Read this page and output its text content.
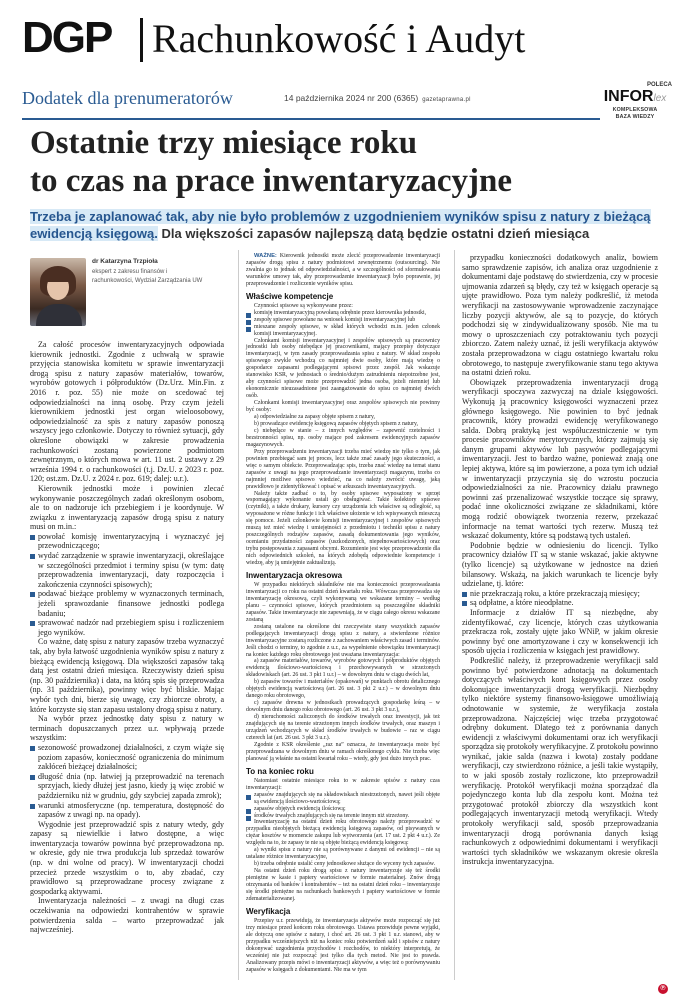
DGP Rachunkowość i Audyt
Dodatek dla prenumeratorów	14 października 2024 nr 200 (6365) gazetaprawna.pl
POLECA
INFORlex
KOMPLEKSOWA
BAZA WIEDZY
Ostatnie trzy miesiące roku
to czas na prace inwentaryzacyjne
Trzeba je zaplanować tak, aby nie było problemów z uzgodnieniem wyników spisu z natury z bieżącą ewidencją księgową. Dla większości zapasów najlepszą datą będzie ostatni dzień miesiąca
dr Katarzyna Trzpioła
ekspert z zakresu finansów i rachunkowości, Wydział Zarządzania UW

Za całość procesów inwentaryzacyjnych odpowiada kierownik jednostki. Zgodnie z uchwałą w sprawie przyjęcia stanowiska komitetu w sprawie inwentaryzacji drogą spisu z natury zapasów materiałów, towarów, wyrobów gotowych i półproduktów (Dz.Urz. Min.Fin. z 2016 r. poz. 55) nie może on scedować tej odpowiedzialności na inną osobę. Przy czym jeżeli kierownikiem jednostki jest organ wieloosobowy, odpowiedzialność za spis z natury zapasów ponoszą wszyscy jego członkowie. Dotyczy to również sytuacji, gdy określone obowiązki w zakresie prowadzenia rachunkowości zostaną powierzone podmiotom zewnętrznym, o których mowa w art. 11 ust. 2 ustawy z 29 września 1994 r. o rachunkowości (t.j. Dz.U. z 2023 r. poz. 120; ost.zm. Dz.U. z 2024 r. poz. 619; dalej: u.r.).

Kierownik jednostki może i powinien zlecać wykonywanie poszczególnych zadań określonym osobom, ale to on nadzoruje ich przebiegiem i je koordynuje. W związku z inwentaryzacją zapasów drogą spisu z natury musi on m.in.:

powołać komisję inwentaryzacyjną i wyznaczyć jej przewodniczącego;

wydać zarządzenie w sprawie inwentaryzacji, określające w szczególności przedmiot i terminy spisu (w tym: datę przeprowadzenia inwentaryzacji, daty rozpoczęcia i zakończenia czynności spisowych);

podawać bieżące problemy w wyznaczonych terminach, jeżeli sprawozdanie finansowe jednostki podlega badaniu;

sprawować nadzór nad przebiegiem spisu i rozliczeniem jego wyników.

Co ważne, datę spisu z natury zapasów trzeba wyznaczyć tak, aby była łatwość uzgodnienia wyników spisu z natury z bieżącą ewidencją księgową. Dla większości zapasów taką datą jest ostatni dzień miesiąca. Rzeczywisty dzień spisu (np. 30 października) i data, na którą spis się przeprowadza (np. 31 października), powinny więc być bliskie. Mając wybór tych dni, bierze się uwagę, czy zbiorcze obroty, a które korzyste się stan zapasu ustalony drogą spisu z natury.

Na wybór przez jednostkę daty spisu z natury w terminach dopuszczanych przez u.r. wpływają przede wszystkim:

sezonowość prowadzonej działalności, z czym wiąże się poziom zapasów, konieczność ograniczenia do minimum zakłóceń bieżącej działalności;

długość dnia (np. łatwiej ją przeprowadzić na terenach sprzyjach, kiedy dłużej jest jasno, kiedy ją więc zrobić w październiku niż w grudniu, gdy szybciej zapada zmrok);

warunki atmosferyczne (np. temperatura, dostępność do zapasów z uwagi np. na opady).

Wygodnie jest przeprowadzić spis z natury wtedy, gdy zapasy są niewielkie i łatwo dostępne, a więc inwentaryzacja towarów powinna być przeprowadzona np. w okresie, gdy nie trwa produkcja lub sprzedaż towarów (np. w dni wolne od pracy). W inwentaryzacji chodzi przecież przede wszystkim o to, aby zbadać, czy prawidłowo są przeprowadzane procesy związane z gospodarką aktywami.

Inwentaryzacja należności – z uwagi na długi czas oczekiwania na odpowiedzi kontrahentów w sprawie potwierdzenia salda – warto przeprowadzać jak najwcześniej.

WAŻNE: Kierownik jednostki może zlecić przeprowadzenie inwentaryzacji zapasów drogą spisu z natury podmiotowi zewnętrznemu (outsourcing). Nie zwalnia go to jednak od odpowiedzialności, a w szczególności od sformułowania warunków umowy tak, aby przeprowadzenie inwentaryzacji było poprawnie, jej przeprowadzenie i rozliczenie wyników spisu.

Właściwe kompetencje

Czynności spisowe są wykonywane przez:

komisję inwentaryzacyjną powołaną odrębnie przez kierownika jednostki,

zespoły spisowe powołane na wniosek komisji inwentaryzacyjnej lub

mieszane zespoły spisowe, w skład których wchodzi m.in. jeden członek komisji inwentaryzacyjnej.

Członkami komisji inwentaryzacyjnej i zespołów spisowych są pracownicy jednostki lub osoby niebędące jej pracownikami, mający przepisy dotyczące inwentaryzacji, w tym zasady przeprowadzania spisu z natury. W skład zespołu spisowego zwykle wchodzą co najmniej dwie osoby, które mają wiedzę o gospodarce zapasami podlegającymi spisowi przez zespół. Jak wskazuje stanowisko KSR, w jednostach o średnio/dużym zatrudnieniu niepotrzebne jest, aby czynności spisowe może przeprowadzić jedna osoba, jeżeli niemniej lub ekonomicznie nieuzasadnione jest zaangażowanie do spisu co najmniej dwóch osób.

Członkami komisji inwentaryzacyjnej oraz zespołów spisowych nie powinny być osoby:

a) odpowiedzialne za zapasy objęte spisem z natury,

b) prowadzące ewidencję księgową zapasów objętych spisem z natury,

c) niebędące w stanie – z innych względów – zapewnić rzetelności i bezstronności spisu, np. osoby mające pod zakresem ewidencyjnych zapasów magazynowych.

Przy przeprowadzeniu inwentaryzacji trzeba mieć wiedzę nie tylko o tym, jak powinien przebiegać sam jej proces, lecz także znać zasady jego skuteczności, a więc o samym obiekcie. Przeprowadzając spis, trzeba znać wiedzę na temat stanu zapasów z uwagi na jego przeprowadzanie inwentaryzacji magazynu, trzeba co najmniej możliwe spisowo wiedzieć, na co należy zwrócić uwagę, jaką prawidłowo je zidentyfikować i opisać w arkuszach inwentaryzacyjnych.

Należy także zadbać o to, by osoby spisowe wyposażony w sprzęt wspomagający wykonanie ustali go obsługiwać. Takie kolektory spisowe (czytniki), a także drukary, kursory czy urządzenia ich właściwe są odległość, są wyposażone w różne funkcje i ich właściwe ułożenie w ich wpisywanych mieszczą się pomoce. Jeżeli członkowie komisji inwentaryzacyjnej i zespołów spisowych muszą też mieć wiedzę i umiejętności z przedmiotu i techniki spisu z natury poszczególnych rodzajów zapasów, zasadą dokumentowania jego wyników, ocenianiu przydatności zapasów (uszkodzonych, niepełnowartościowych) oraz trybu postępowania z zapasami obcymi. Rozumienie jest więc przeprowadzenie dla nich odpowiednich szkoleń, na których zdobędą odpowiednie kompetencje i wiedzę, aby ją umiejętnie zaktualizują.

Inwentaryzacja okresowa

W przypadku niektórych składników nie ma konieczności przeprowadzania inwentaryzacji co roku na ostatni dzień kwartału roku. Wówczas przeprowadza się inwentaryzację okresową, czyli wykonywaną we wskazane terminy – według planu – czynności spisowe, których przedmiotem są poszczególne składniki zapasów. Takie inwentaryzacje nie zapewniają, że w ciągu całego okresu wskazane zostaną

zostaną ustalone na określone dni rzeczywiste stany wszystkich zapasów podlegających inwentaryzacji drogą spisu z natury, a stwierdzone różnice inwentaryzacyjne zostaną rozliczone z zachowaniem właściwych zasad i terminów. Jeśli chodzi o terminy, to zgodnie z u.r., za wypełnienie obowiązku inwentaryzacji na koniec każdego roku obrotowego jest uważana inwentaryzacja:

a) zapasów materiałów, towarów, wyrobów gotowych i półproduktów objętych ewidencją ilościowo-wartościową i przechowywanych w strzeżonych składowiskach (art. 26 ust. 3 pkt 1 u.r.) – w dowolnym dniu w ciągu dwóch lat,

b) zapasów towarów i materiałów (opakowań) w punktach obrotu detalicznego objętych ewidencją wartościową (art. 26 ust. 3 pkt 2 u.r.) – w dowolnym dniu danego roku obrotowego,

c) zapasów drewna w jednostkach prowadzących gospodarkę leśną – w dowolnym dniu danego roku obrotowego (art. 26 ust. 3 pkt 3 u.r.),

d) nieruchomości zaliczonych do środków trwałych oraz inwestycji, jak też znajdujących się na terenie strzeżonym innych środków trwałych, oraz maszyn i urządzeń wchodzących w skład środków trwałych w budowie – raz w ciągu czterech lat (art. 26 ust. 3 pkt 3 u.r.).

Zgodnie z KSR określenie „raz na” oznacza, że inwentaryzacja może być przeprowadzana w dowolnym dniu w ramach określonego cyklu. Nie trzeba więc planować ją właśnie na ostatni kwartał roku – wtedy, gdy jest dużo innych prac.

To na koniec roku

Natomiast ostatnie miesiące roku to w zakresie spisów z natury czas inwentaryzacji:

zapasów znajdujących się na składowiskach niestrzeżonych, nawet jeśli objęte są ewidencją ilościowo-wartościową;

zapasów objętych ewidencją ilościową;

środków trwałych znajdujących się na terenie innym niż strzeżony.

Inwentaryzację na ostatni dzień roku obrotowego należy przeprowadzić w przypadku nieobjętych bieżącą ewidencją księgową zapasów, od pisywanych w ciężar kosztów w momencie zakupu lub wytworzenia (art. 17 ust. 2 pkt 4 u.r.). Ze względu na to, że zapasy te nie są objęte bieżącą ewidencją księgową:

a) wyniki spisu z natury nie są porównywane z danymi od ewidencji – nie są ustalane różnice inwentaryzacyjne,

b) trzeba odrębnie ustalić ceny jednostkowe służące do wyceny tych zapasów.

Na ostatni dzień roku drogą spisu z natury inwentaryzuje się też środki pieniężne w kasie i papiery wartościowe w formie materialnej. Znów drogą otrzymania od banków i kontrahentów – też na ostatni dzień roku – inwentaryzuje się środki pieniężne na rachunkach bankowych i papiery wartościowe w formie zdematerializowanej.

Weryfikacja

Przepisy u.r. przewidują, że inwentaryzacja aktywów może rozpocząć się już trzy miesiące przed końcem roku obrotowego. Ustawa przewiduje pewne wyjątki, ale dotyczą one spisów z natury, i choć art. 26 ust. 3 pkt 1 u.r. stanowi, aby w przypadku wcześniejszych niż na koniec roku potwierdzeń sald i spisów z natury dokonywać uzgodnienia przychodów i rozchodów, to niektóry interpretują, że wcześniej nie już rozpocząć jest tylko dla tych metod. Nie jest to prawda. Analizowany przepis mówi o inwentaryzacji aktywów, a więc też o porównywaniu zapasów w księgach z dokumentami. Nie ma w tym

przypadku konieczności dodatkowych analiz, bowiem samo sprawdzenie zapisów, ich analiza oraz uzgodnienie z dokumentami daje podstawę do stwierdzenia, czy w procesie ujmowania zdarzeń są błędy, czy też w księgach operacje są ujęte prawidłowo. Poza tym należy podkreślić, iż metoda weryfikacji na zastosowywanie wprowadzenie zaczynające liczby pozycji aktywów, ale są to pozycje, do których podchodzi się w zindywidualizowany sposób. Nie ma tu mowy o uproszczeniach czy potraktowaniu tych pozycji zbiorczo. Zatem należy uznać, iż jeśli weryfikacja aktywów została przeprowadzona w ciągu ostatniego kwartału roku obrotowego, to następuje zweryfikowanie stanu tego aktywa na ostatni dzień roku.

Obowiązek przeprowadzenia inwentaryzacji drogą weryfikacji spoczywa zazwyczaj na dziale księgowości. Wykonują ją pracownicy księgowości wyznaczeni przez głównego księgowego. Nie powinien to być jednak pracownik, który prowadzi ewidencję weryfikowanego salda. Dobrą praktyką jest współuczestniczenie w tym procesie pracowników merytorycznych, którzy zajmują się danym grupami aktywów lub pasywów podlegającymi inwentaryzacji. Jest to bardzo ważne, ponieważ znają one lepiej aktywa, które są im powierzone, a poza tym ich udział w inwentaryzacji przyczynia się do wzrostu poczucia odpowiedzialności za nie. Pracownicy działu prawnego powinni zaś przenalizować wszystkie toczące się sprawy, podać inne okoliczności związane ze składnikami, które mogą rodzić obowiązek tworzenia rezerw, przekazać informacje na temat wartości tych rezerw. Muszą też wskazać dokumenty, które są podstawą tych ustaleń.

Podobnie będzie w odniesieniu do licencji. Tylko pracownicy działów IT są w stanie wskazać, jakie aktywne (tylko licencje) są użytkowane w jednostce na dzień bilansowy. Wskażą, na jakich warunkach te licencje były udzielane, tj. które:

nie przekraczają roku, a które przekraczają miesięcy;

są odpłatne, a które nieodpłatne.

Informacje z działów IT są niezbędne, aby zidentyfikować, czy licencje, których czas użytkowania przekracza rok, zostały ujęte jako WNiP, w jakim okresie powinny być one amortyzowane i czy w konsekwencji ich sposób ujęcia i rozliczenia w księgach jest prawidłowy.

Podkreślić należy, iż przeprowadzenie weryfikacji sald powinno być potwierdzone adnotacją na dokumentach dotyczących właściwych kont księgowych przez osoby dokonujące inwentaryzacji drogą weryfikacji. Niezbędny tylko niektóre systemy finansowo-księgowe umożliwiają odnotowanie w systemie, że weryfikacja została przeprowadzona. Najczęściej więc trzeba przygotować odrębny dokument. Dlatego też z porównania danych ewidencji z właściwymi dokumentami oraz ich weryfikacji sporządza się protokoły weryfikacyjne. Z protokołu powinno wynikać, jakie salda (nazwa i kwota) zostały poddane weryfikacji, czy stwierdzono różnice, a jeśli takie wystąpiły, to w jaki sposób zostały rozliczone, kto przeprowadził weryfikację. Protokół weryfikacji można sporządzać dla pojedynczego konta lub dla zespołu kont. Można też przygotować protokół zbiorczy dla wszystkich kont podlegających inwentaryzacji metodą weryfikacji. Wtedy protokoły weryfikacji sald, sposób przeprowadzania inwentaryzacji drogą porównania danych ksiąg rachunkowych z odpowiednimi dokumentami i weryfikacji wartości tych składników we wskazanym okresie określa instrukcja inwentaryzacyjna.

℗
